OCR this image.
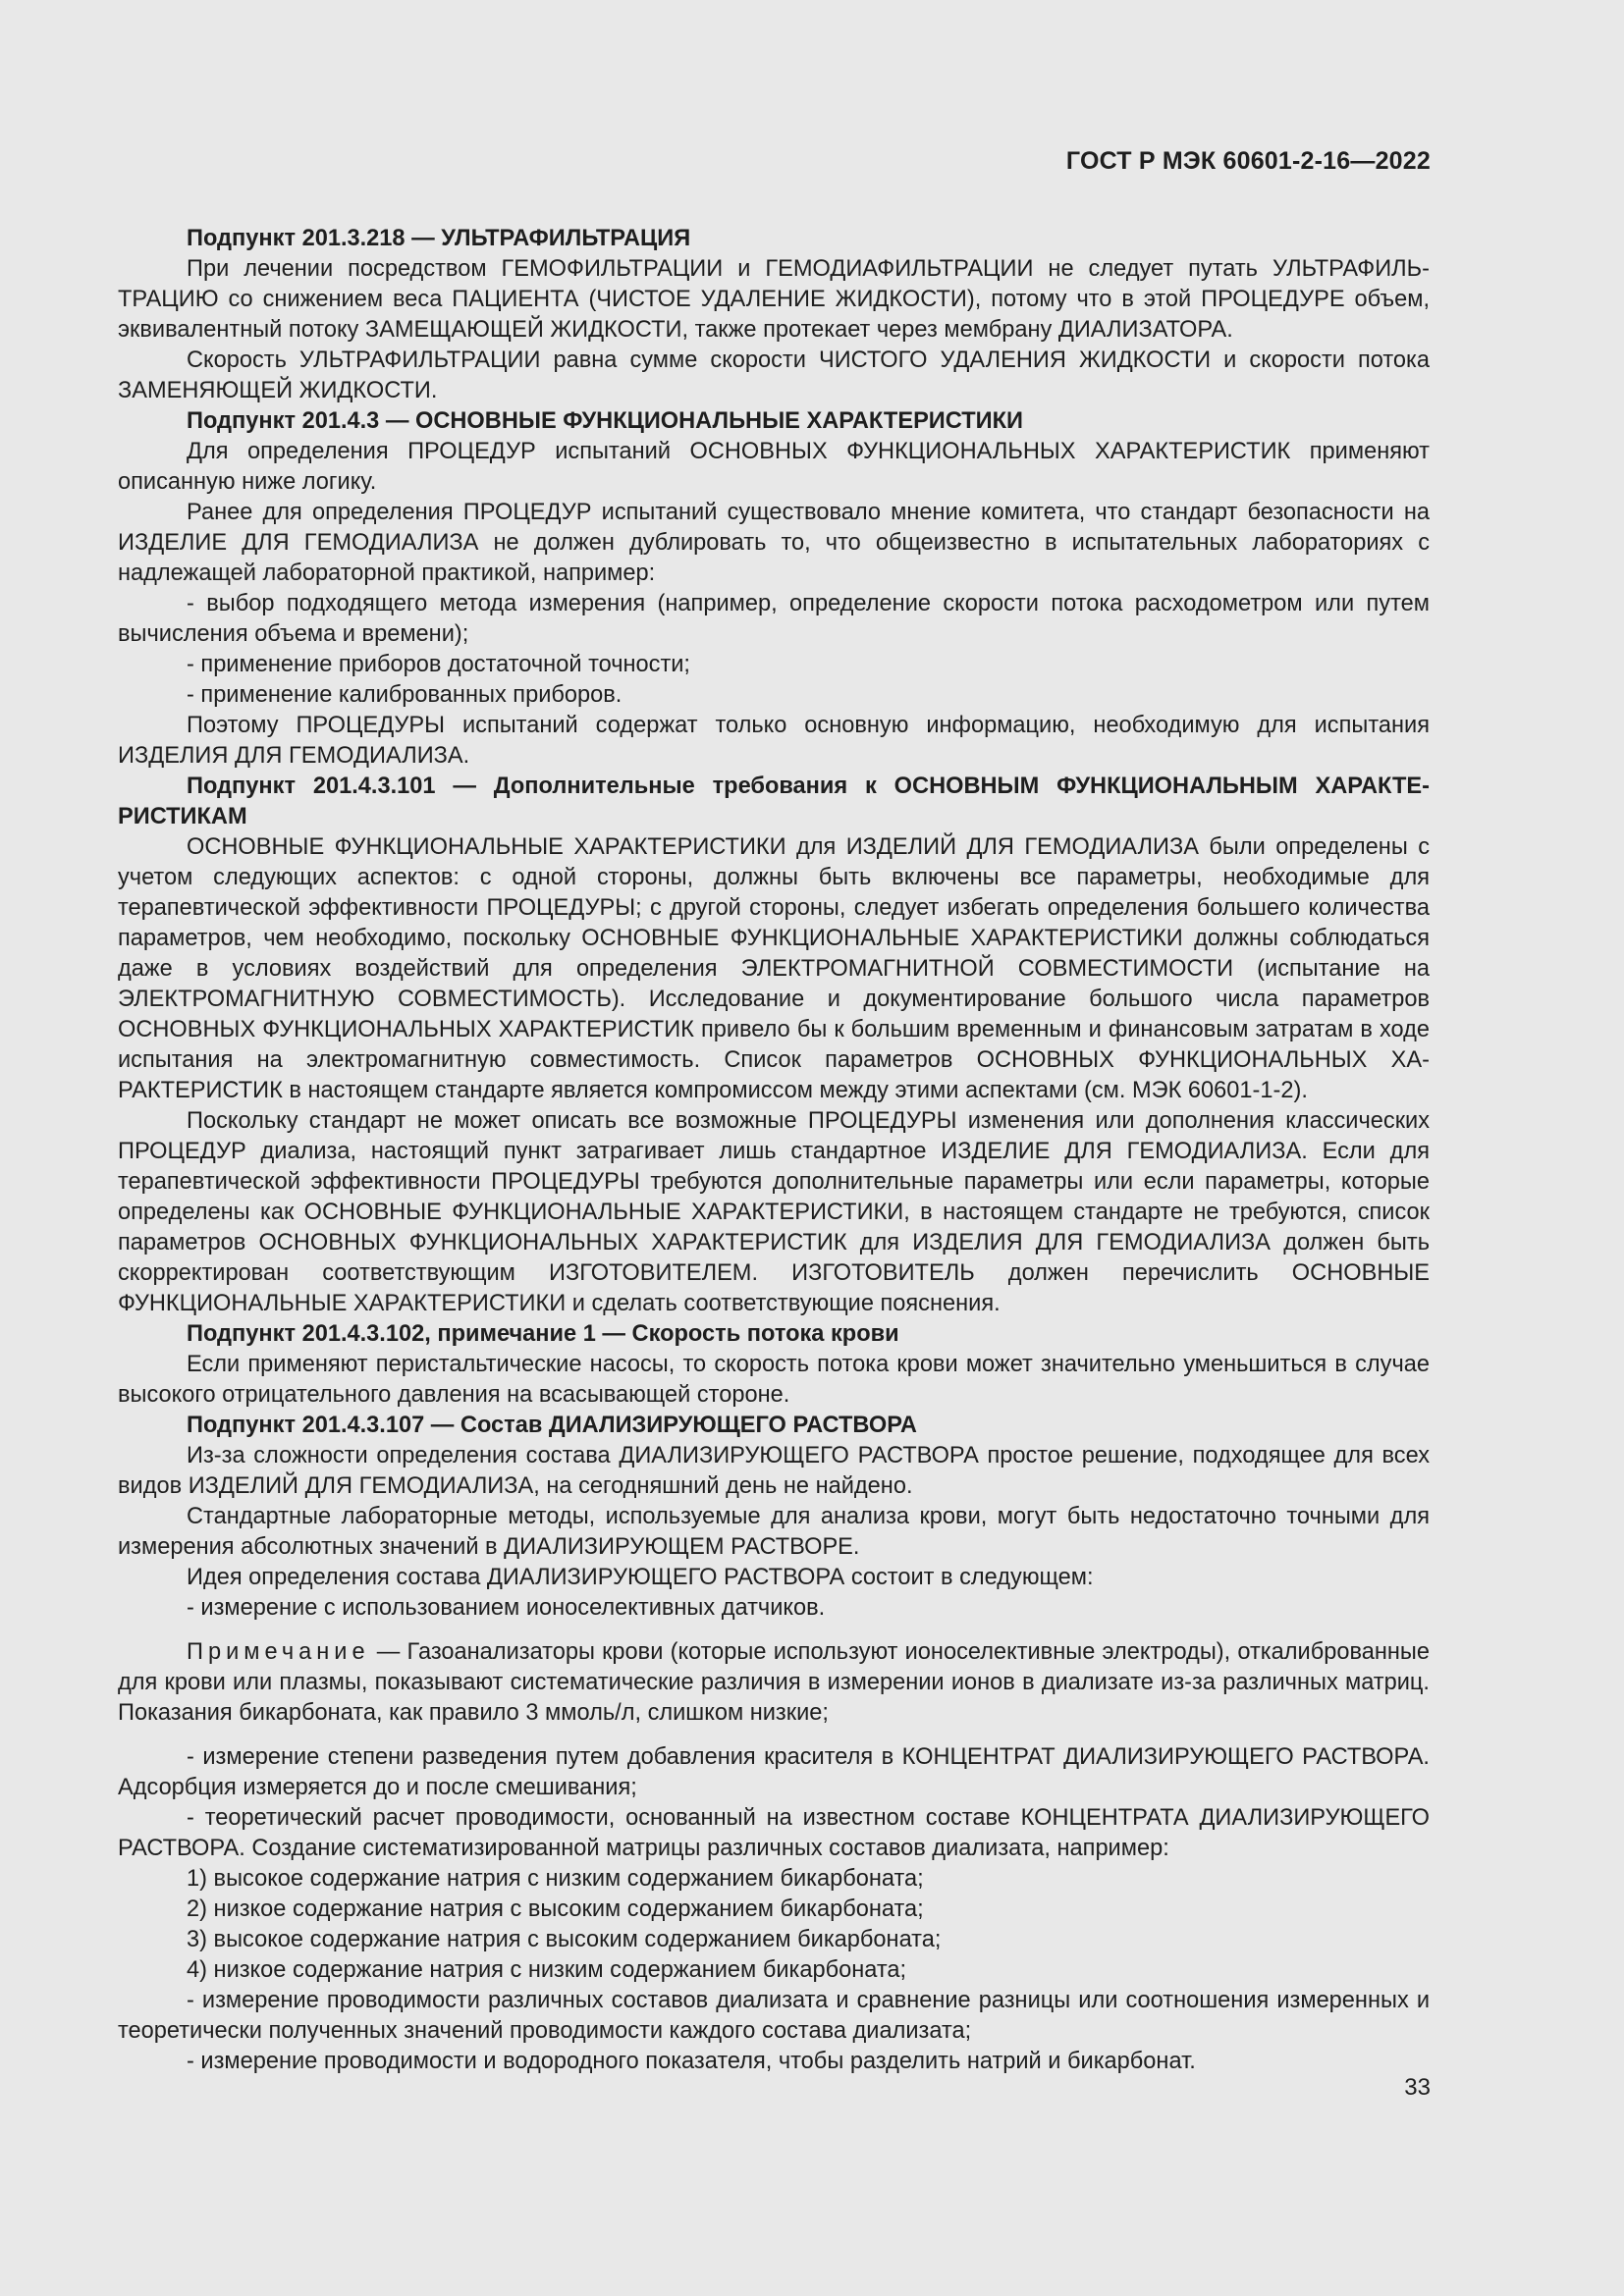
ГОСТ Р МЭК 60601-2-16—2022

Подпункт 201.3.218 — УЛЬТРАФИЛЬТРАЦИЯ

При лечении посредством ГЕМОФИЛЬТРАЦИИ и ГЕМОДИАФИЛЬТРАЦИИ не следует путать УЛЬТРАФИЛЬТРАЦИЮ со снижением веса ПАЦИЕНТА (ЧИСТОЕ УДАЛЕНИЕ ЖИДКОСТИ), потому что в этой ПРОЦЕДУРЕ объем, эквивалентный потоку ЗАМЕЩАЮЩЕЙ ЖИДКОСТИ, также протекает через мембрану ДИАЛИЗАТОРА.

Скорость УЛЬТРАФИЛЬТРАЦИИ равна сумме скорости ЧИСТОГО УДАЛЕНИЯ ЖИДКОСТИ и скорости потока ЗАМЕНЯЮЩЕЙ ЖИДКОСТИ.

Подпункт 201.4.3 — ОСНОВНЫЕ ФУНКЦИОНАЛЬНЫЕ ХАРАКТЕРИСТИКИ

Для определения ПРОЦЕДУР испытаний ОСНОВНЫХ ФУНКЦИОНАЛЬНЫХ ХАРАКТЕРИСТИК применяют описанную ниже логику.

Ранее для определения ПРОЦЕДУР испытаний существовало мнение комитета, что стандарт безопасности на ИЗДЕЛИЕ ДЛЯ ГЕМОДИАЛИЗА не должен дублировать то, что общеизвестно в испытательных лабораториях с надлежащей лабораторной практикой, например:

- выбор подходящего метода измерения (например, определение скорости потока расходометром или путем вычисления объема и времени);

- применение приборов достаточной точности;

- применение калиброванных приборов.

Поэтому ПРОЦЕДУРЫ испытаний содержат только основную информацию, необходимую для испытания ИЗДЕЛИЯ ДЛЯ ГЕМОДИАЛИЗА.

Подпункт 201.4.3.101 — Дополнительные требования к ОСНОВНЫМ ФУНКЦИОНАЛЬНЫМ ХАРАКТЕРИСТИКАМ

ОСНОВНЫЕ ФУНКЦИОНАЛЬНЫЕ ХАРАКТЕРИСТИКИ для ИЗДЕЛИЙ ДЛЯ ГЕМОДИАЛИЗА были определены с учетом следующих аспектов: с одной стороны, должны быть включены все параметры, необходимые для терапевтической эффективности ПРОЦЕДУРЫ; с другой стороны, следует избегать определения большего количества параметров, чем необходимо, поскольку ОСНОВНЫЕ ФУНКЦИОНАЛЬНЫЕ ХАРАКТЕРИСТИКИ должны соблюдаться даже в условиях воздействий для определения ЭЛЕКТРОМАГНИТНОЙ СОВМЕСТИМОСТИ (испытание на ЭЛЕКТРОМАГНИТНУЮ СОВМЕСТИМОСТЬ). Исследование и документирование большого числа параметров ОСНОВНЫХ ФУНКЦИОНАЛЬНЫХ ХАРАКТЕРИСТИК привело бы к большим временным и финансовым затратам в ходе испытания на электромагнитную совместимость. Список параметров ОСНОВНЫХ ФУНКЦИОНАЛЬНЫХ ХАРАКТЕРИСТИК в настоящем стандарте является компромиссом между этими аспектами (см. МЭК 60601-1-2).

Поскольку стандарт не может описать все возможные ПРОЦЕДУРЫ изменения или дополнения классических ПРОЦЕДУР диализа, настоящий пункт затрагивает лишь стандартное ИЗДЕЛИЕ ДЛЯ ГЕМОДИАЛИЗА. Если для терапевтической эффективности ПРОЦЕДУРЫ требуются дополнительные параметры или если параметры, которые определены как ОСНОВНЫЕ ФУНКЦИОНАЛЬНЫЕ ХАРАКТЕРИСТИКИ, в настоящем стандарте не требуются, список параметров ОСНОВНЫХ ФУНКЦИОНАЛЬНЫХ ХАРАКТЕРИСТИК для ИЗДЕЛИЯ ДЛЯ ГЕМОДИАЛИЗА должен быть скорректирован соответствующим ИЗГОТОВИТЕЛЕМ. ИЗГОТОВИТЕЛЬ должен перечислить ОСНОВНЫЕ ФУНКЦИОНАЛЬНЫЕ ХАРАКТЕРИСТИКИ и сделать соответствующие пояснения.

Подпункт 201.4.3.102, примечание 1 — Скорость потока крови

Если применяют перистальтические насосы, то скорость потока крови может значительно уменьшиться в случае высокого отрицательного давления на всасывающей стороне.

Подпункт 201.4.3.107 — Состав ДИАЛИЗИРУЮЩЕГО РАСТВОРА

Из-за сложности определения состава ДИАЛИЗИРУЮЩЕГО РАСТВОРА простое решение, подходящее для всех видов ИЗДЕЛИЙ ДЛЯ ГЕМОДИАЛИЗА, на сегодняшний день не найдено.

Стандартные лабораторные методы, используемые для анализа крови, могут быть недостаточно точными для измерения абсолютных значений в ДИАЛИЗИРУЮЩЕМ РАСТВОРЕ.

Идея определения состава ДИАЛИЗИРУЮЩЕГО РАСТВОРА состоит в следующем:

- измерение с использованием ионоселективных датчиков.

Примечание — Газоанализаторы крови (которые используют ионоселективные электроды), откалиброванные для крови или плазмы, показывают систематические различия в измерении ионов в диализате из-за различных матриц. Показания бикарбоната, как правило 3 ммоль/л, слишком низкие;

- измерение степени разведения путем добавления красителя в КОНЦЕНТРАТ ДИАЛИЗИРУЮЩЕГО РАСТВОРА. Адсорбция измеряется до и после смешивания;

- теоретический расчет проводимости, основанный на известном составе КОНЦЕНТРАТА ДИАЛИЗИРУЮЩЕГО РАСТВОРА. Создание систематизированной матрицы различных составов диализата, например:

1) высокое содержание натрия с низким содержанием бикарбоната;

2) низкое содержание натрия с высоким содержанием бикарбоната;

3) высокое содержание натрия с высоким содержанием бикарбоната;

4) низкое содержание натрия с низким содержанием бикарбоната;

- измерение проводимости различных составов диализата и сравнение разницы или соотношения измеренных и теоретически полученных значений проводимости каждого состава диализата;

- измерение проводимости и водородного показателя, чтобы разделить натрий и бикарбонат.

33
